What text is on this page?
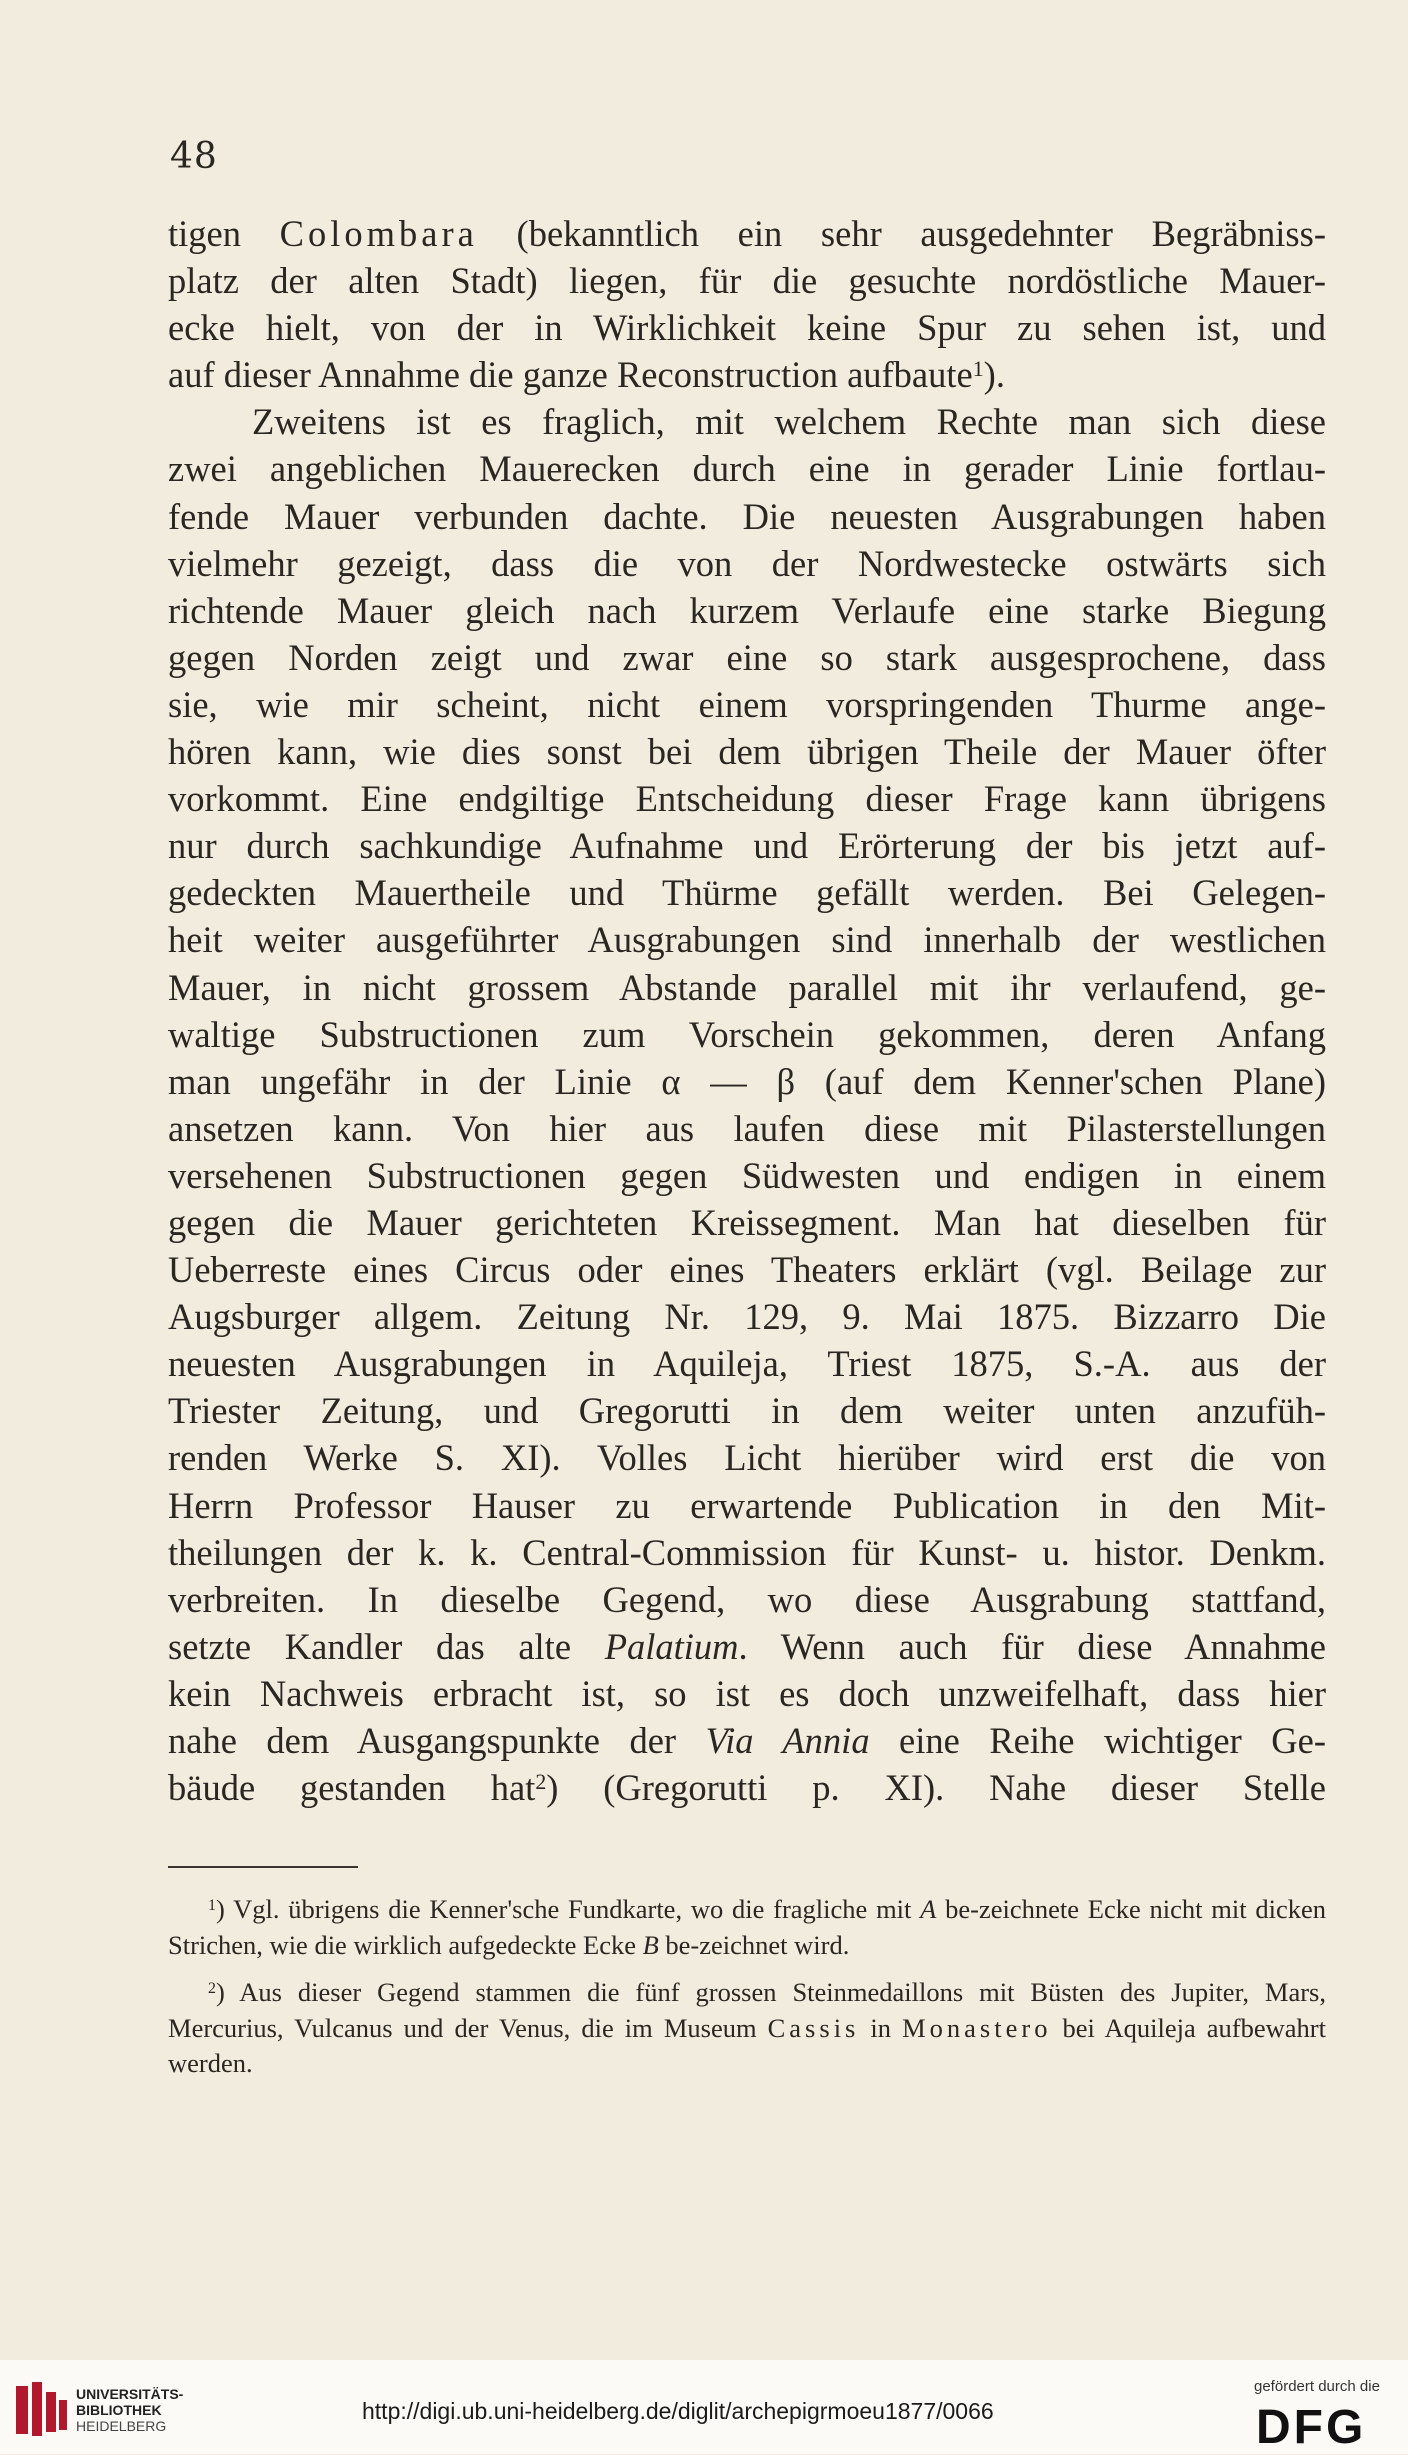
48
tigen Colombara (bekanntlich ein sehr ausgedehnter Begräbniss-
platz der alten Stadt) liegen, für die gesuchte nordöstliche Mauer-
ecke hielt, von der in Wirklichkeit keine Spur zu sehen ist, und
auf dieser Annahme die ganze Reconstruction aufbaute$^1$).
Zweitens ist es fraglich, mit welchem Rechte man sich diese
zwei angeblichen Mauerecken durch eine in gerader Linie fortlau-
fende Mauer verbunden dachte. Die neuesten Ausgrabungen haben
vielmehr gezeigt, dass die von der Nordwestecke ostwärts sich
richtende Mauer gleich nach kurzem Verlaufe eine starke Biegung
gegen Norden zeigt und zwar eine so stark ausgesprochene, dass
sie, wie mir scheint, nicht einem vorspringenden Thurme ange-
hören kann, wie dies sonst bei dem übrigen Theile der Mauer öfter
vorkommt. Eine endgiltige Entscheidung dieser Frage kann übrigens
nur durch sachkundige Aufnahme und Erörterung der bis jetzt auf-
gedeckten Mauertheile und Thürme gefällt werden. Bei Gelegen-
heit weiter ausgeführter Ausgrabungen sind innerhalb der westlichen
Mauer, in nicht grossem Abstande parallel mit ihr verlaufend, ge-
waltige Substructionen zum Vorschein gekommen, deren Anfang
man ungefähr in der Linie α — β (auf dem Kenner'schen Plane)
ansetzen kann. Von hier aus laufen diese mit Pilasterstellungen
versehenen Substructionen gegen Südwesten und endigen in einem
gegen die Mauer gerichteten Kreissegment. Man hat dieselben für
Ueberreste eines Circus oder eines Theaters erklärt (vgl. Beilage zur
Augsburger allgem. Zeitung Nr. 129, 9. Mai 1875. Bizzarro Die
neuesten Ausgrabungen in Aquileja, Triest 1875, S.-A. aus der
Triester Zeitung, und Gregorutti in dem weiter unten anzufüh-
renden Werke S. XI). Volles Licht hierüber wird erst die von
Herrn Professor Hauser zu erwartende Publication in den Mit-
theilungen der k. k. Central-Commission für Kunst- u. histor. Denkm.
verbreiten. In dieselbe Gegend, wo diese Ausgrabung stattfand,
setzte Kandler das alte Palatium. Wenn auch für diese Annahme
kein Nachweis erbracht ist, so ist es doch unzweifelhaft, dass hier
nahe dem Ausgangspunkte der Via Annia eine Reihe wichtiger Ge-
bäude gestanden hat$^2$) (Gregorutti p. XI). Nahe dieser Stelle
$^1$) Vgl. übrigens die Kenner'sche Fundkarte, wo die fragliche mit A be-zeichnete Ecke nicht mit dicken Strichen, wie die wirklich aufgedeckte Ecke B be-zeichnet wird.
$^2$) Aus dieser Gegend stammen die fünf grossen Steinmedaillons mit Büsten des Jupiter, Mars, Mercurius, Vulcanus und der Venus, die im Museum Cassis in Monastero bei Aquileja aufbewahrt werden.
UNIVERSITÄTS-
BIBLIOTHEK
HEIDELBERG
http://digi.ub.uni-heidelberg.de/diglit/archepigrmoeu1877/0066
gefördert durch die
DFG
